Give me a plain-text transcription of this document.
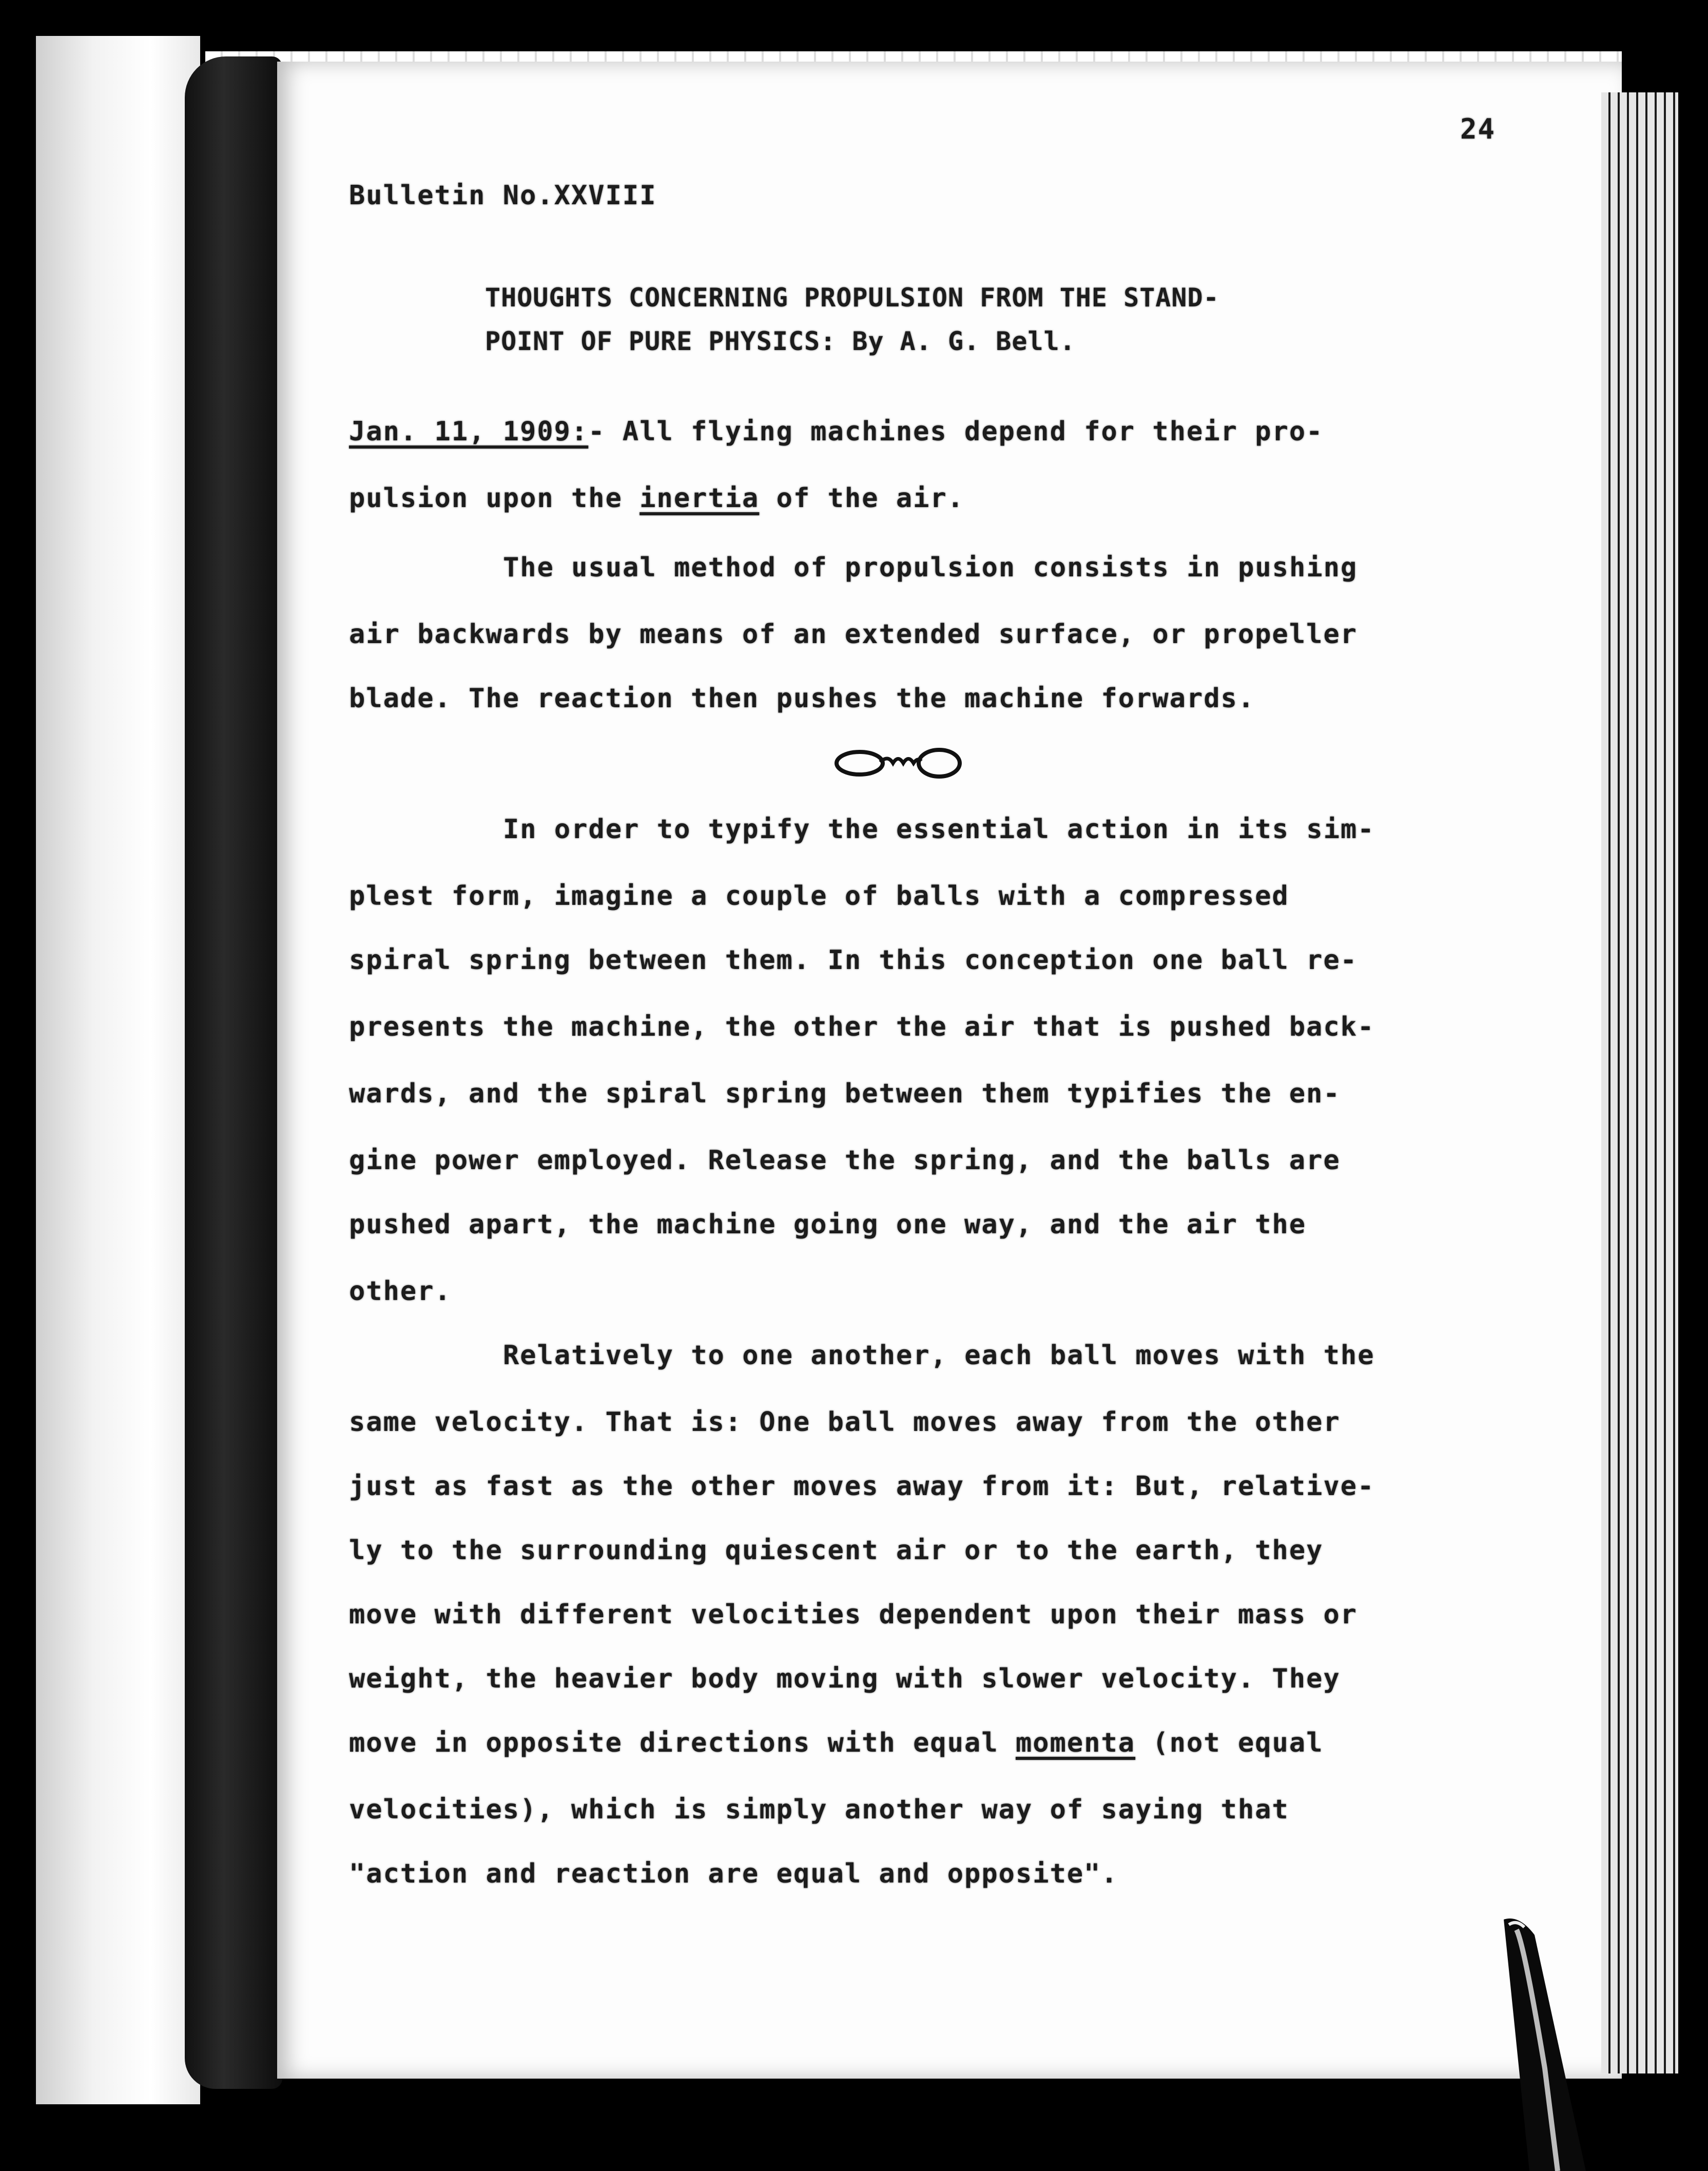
24
Bulletin No.XXVIII
THOUGHTS CONCERNING PROPULSION FROM THE STAND-
POINT OF PURE PHYSICS: By A. G. Bell.
Jan. 11, 1909:- All flying machines depend for their pro-
pulsion upon the inertia of the air.
The usual method of propulsion consists in pushing
air backwards by means of an extended surface, or propeller
blade. The reaction then pushes the machine forwards.
In order to typify the essential action in its sim-
plest form, imagine a couple of balls with a compressed
spiral spring between them. In this conception one ball re-
presents the machine, the other the air that is pushed back-
wards, and the spiral spring between them typifies the en-
gine power employed. Release the spring, and the balls are
pushed apart, the machine going one way, and the air the
other.
Relatively to one another, each ball moves with the
same velocity. That is: One ball moves away from the other
just as fast as the other moves away from it: But, relative-
ly to the surrounding quiescent air or to the earth, they
move with different velocities dependent upon their mass or
weight, the heavier body moving with slower velocity. They
move in opposite directions with equal momenta (not equal
velocities), which is simply another way of saying that
"action and reaction are equal and opposite".
